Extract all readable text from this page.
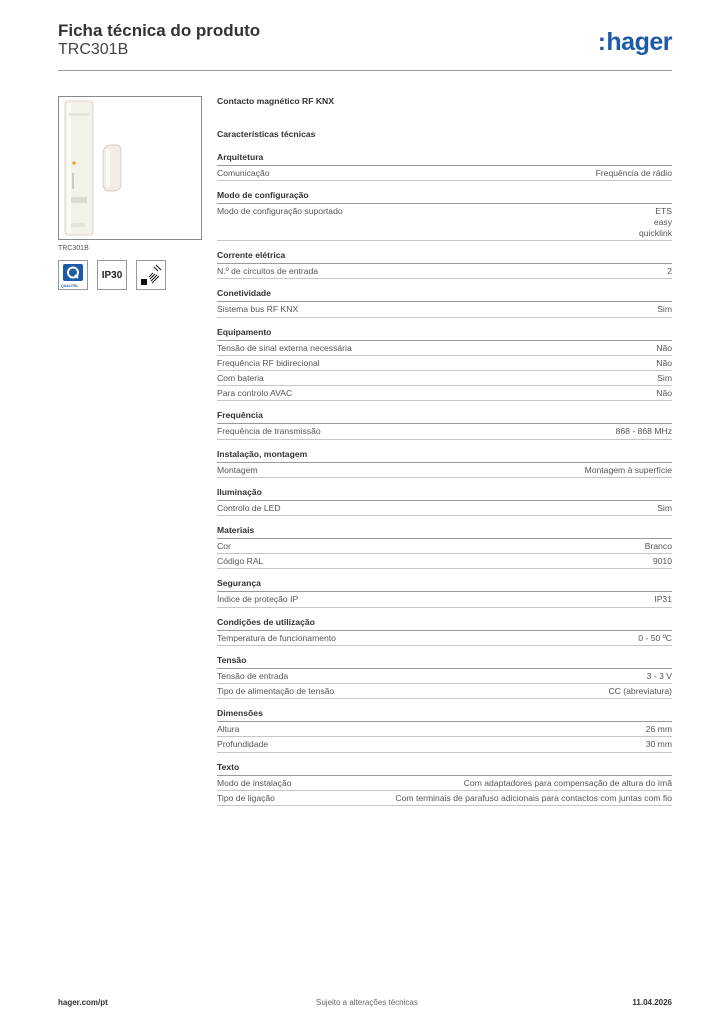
Ficha técnica do produto
TRC301B	:hager
TRC301B
QUALITEL
IP30
Contacto magnético RF KNX
Características técnicas
Arquitetura
Comunicação	Frequência de rádio
Modo de configuração
Modo de configuração suportado	ETS
easy
quicklink
Corrente elétrica
N.º de circuitos de entrada	2
Conetividade
Sistema bus RF KNX	Sim
Equipamento
Tensão de sinal externa necessária	Não
Frequência RF bidirecional	Não
Com bateria	Sim
Para controlo AVAC	Não
Frequência
Frequência de transmissão	868 - 868 MHz
Instalação, montagem
Montagem	Montagem à superfície
Iluminação
Controlo de LED	Sim
Materiais
Cor	Branco
Código RAL	9010
Segurança
Índice de proteção IP	IP31
Condições de utilização
Temperatura de funcionamento	0 - 50 ºC
Tensão
Tensão de entrada	3 - 3 V
Tipo de alimentação de tensão	CC (abreviatura)
Dimensões
Altura	26 mm
Profundidade	30 mm
Texto
Modo de instalação	Com adaptadores para compensação de altura do ímã
Tipo de ligação	Com terminais de parafuso adicionais para contactos com juntas com fio
hager.com/pt	Sujeito a alterações técnicas	11.04.2026
